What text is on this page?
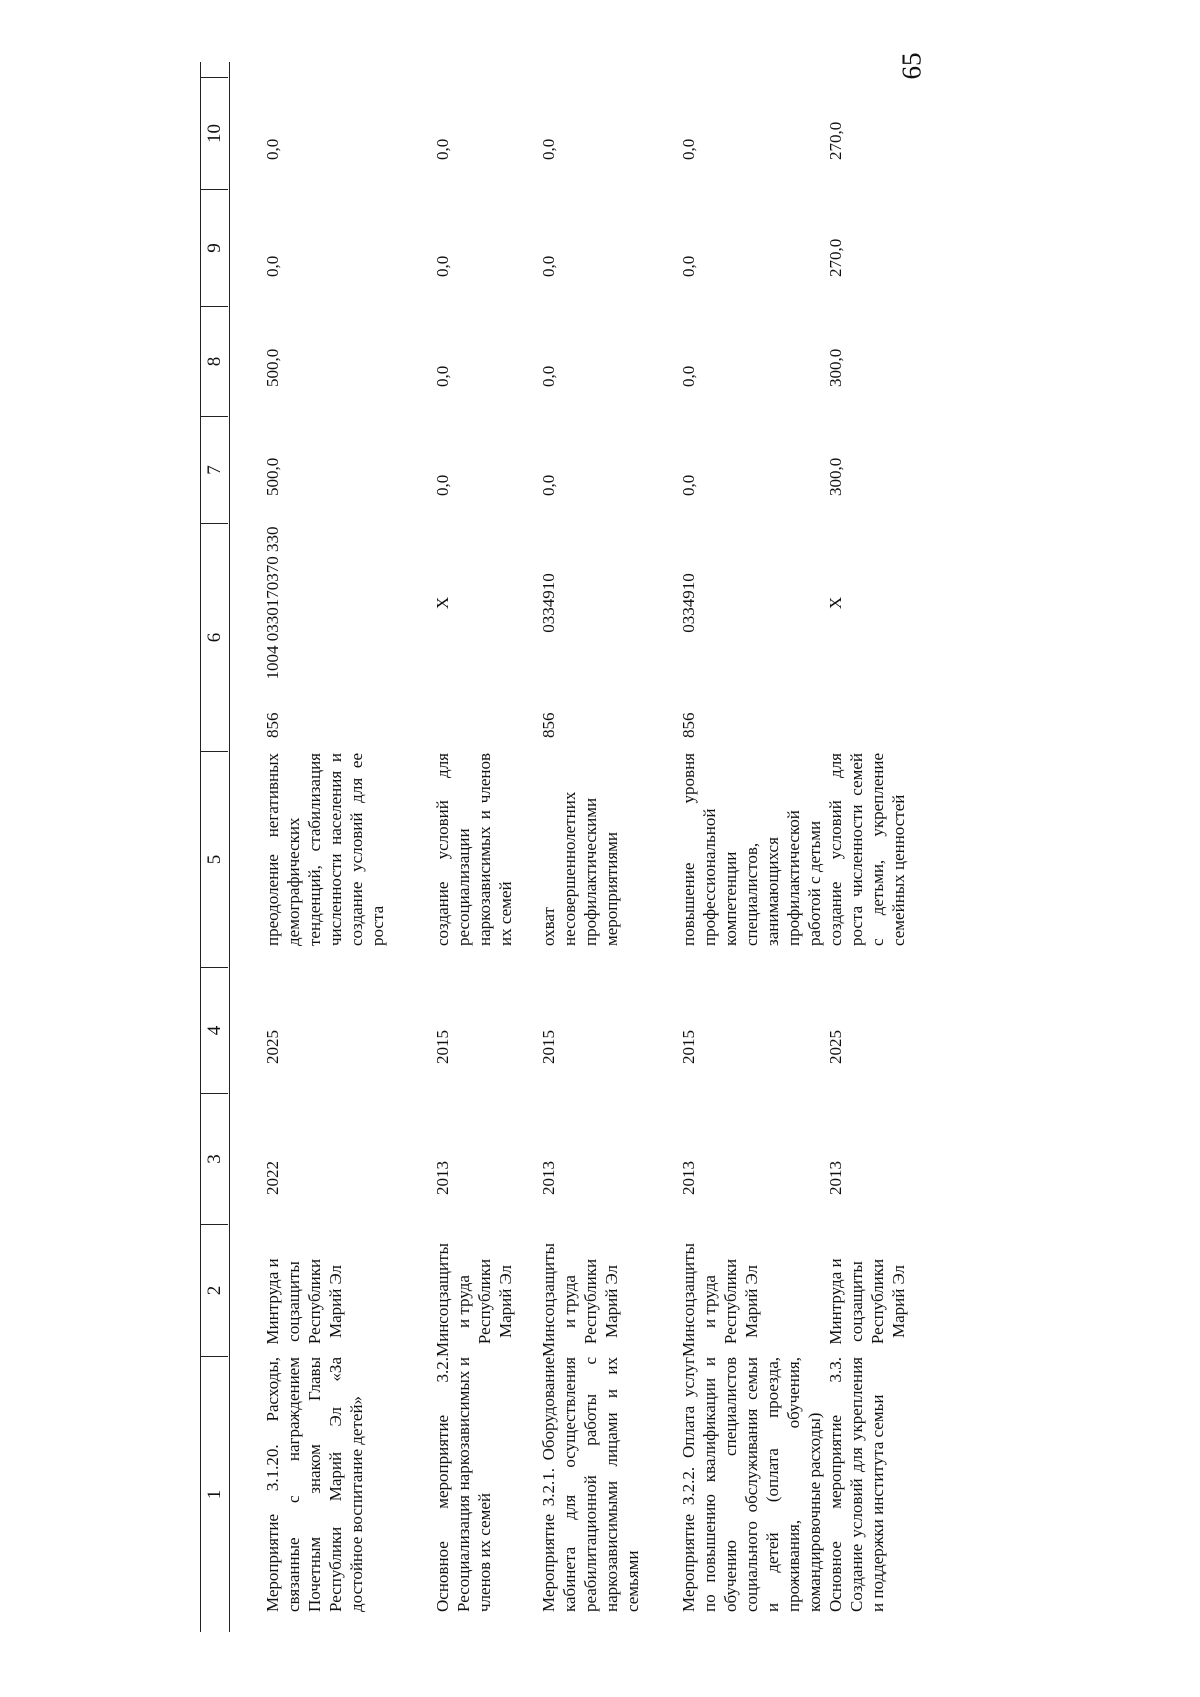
65
1
2
3
4
5
6
7
8
9
10
Мероприятие 3.1.20. Расходы, связанные с награждением Почетным знаком Главы Республики Марий Эл «За достойное воспитание детей»
Минтруда и соцзащиты Республики Марий Эл
2022
2025
преодоление негативных демографических тенденций, стабилизация численности населения и создание условий для ее роста
856
1004 0330170370 330
500,0
500,0
0,0
0,0
Основное мероприятие 3.2. Ресоциализация наркозависимых и членов их семей
Минсоцзащиты и труда Республики Марий Эл
2013
2015
создание условий для ресоциализации наркозависимых и членов их семей
Х
0,0
0,0
0,0
0,0
Мероприятие 3.2.1. Оборудование кабинета для осуществления реабилитационной работы с наркозависимыми лицами и их семьями
Минсоцзащиты и труда Республики Марий Эл
2013
2015
охват несовершеннолетних профилактическими мероприятиями
856
0334910
0,0
0,0
0,0
0,0
Мероприятие 3.2.2. Оплата услуг по повышению квалификации и обучению специалистов социального обслуживания семьи и детей (оплата проезда, проживания, обучения, командировочные расходы)
Минсоцзащиты и труда Республики Марий Эл
2013
2015
повышение уровня профессиональной компетенции специалистов, занимающихся профилактической работой с детьми
856
0334910
0,0
0,0
0,0
0,0
Основное мероприятие 3.3. Создание условий для укрепления и поддержки института семьи
Минтруда и соцзащиты Республики Марий Эл
2013
2025
создание условий для роста численности семей с детьми, укрепление семейных ценностей
Х
300,0
300,0
270,0
270,0
